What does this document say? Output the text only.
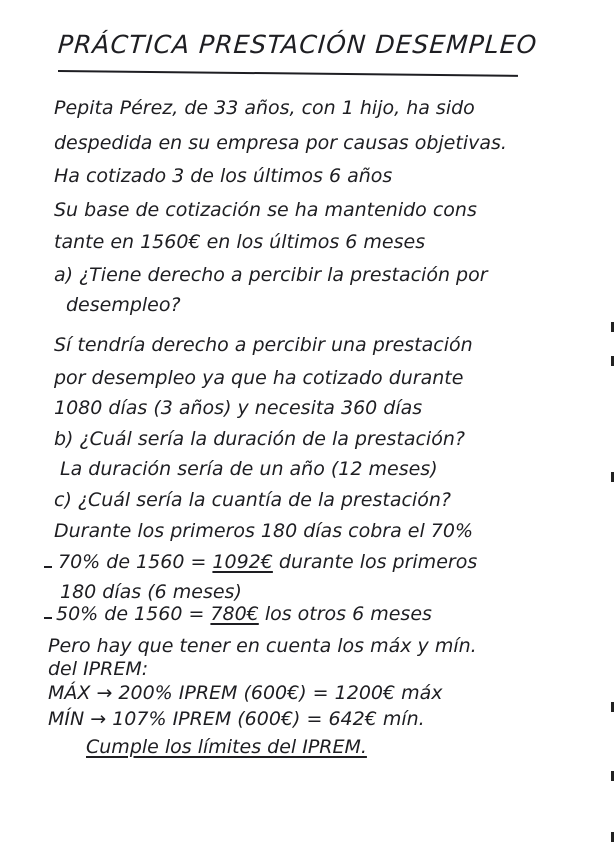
PRÁCTICA PRESTACIÓN DESEMPLEO
Pepita Pérez, de 33 años, con 1 hijo, ha sido
despedida en su empresa por causas objetivas.
Ha cotizado 3 de los últimos 6 años
Su base de cotización se ha mantenido cons
tante en 1560€ en los últimos 6 meses
a) ¿Tiene derecho a percibir la prestación por
desempleo?
Sí tendría derecho a percibir una prestación
por desempleo ya que ha cotizado durante
1080 días (3 años) y necesita 360 días
b) ¿Cuál sería la duración de la prestación?
La duración sería de un año (12 meses)
c) ¿Cuál sería la cuantía de la prestación?
Durante los primeros 180 días cobra el 70%
70% de 1560 = 1092€ durante los primeros
180 días (6 meses)
50% de 1560 = 780€ los otros 6 meses
Pero hay que tener en cuenta los máx y mín.
del IPREM:
MÁX → 200% IPREM (600€) = 1200€ máx
MÍN → 107% IPREM (600€) = 642€ mín.
Cumple los límites del IPREM.
